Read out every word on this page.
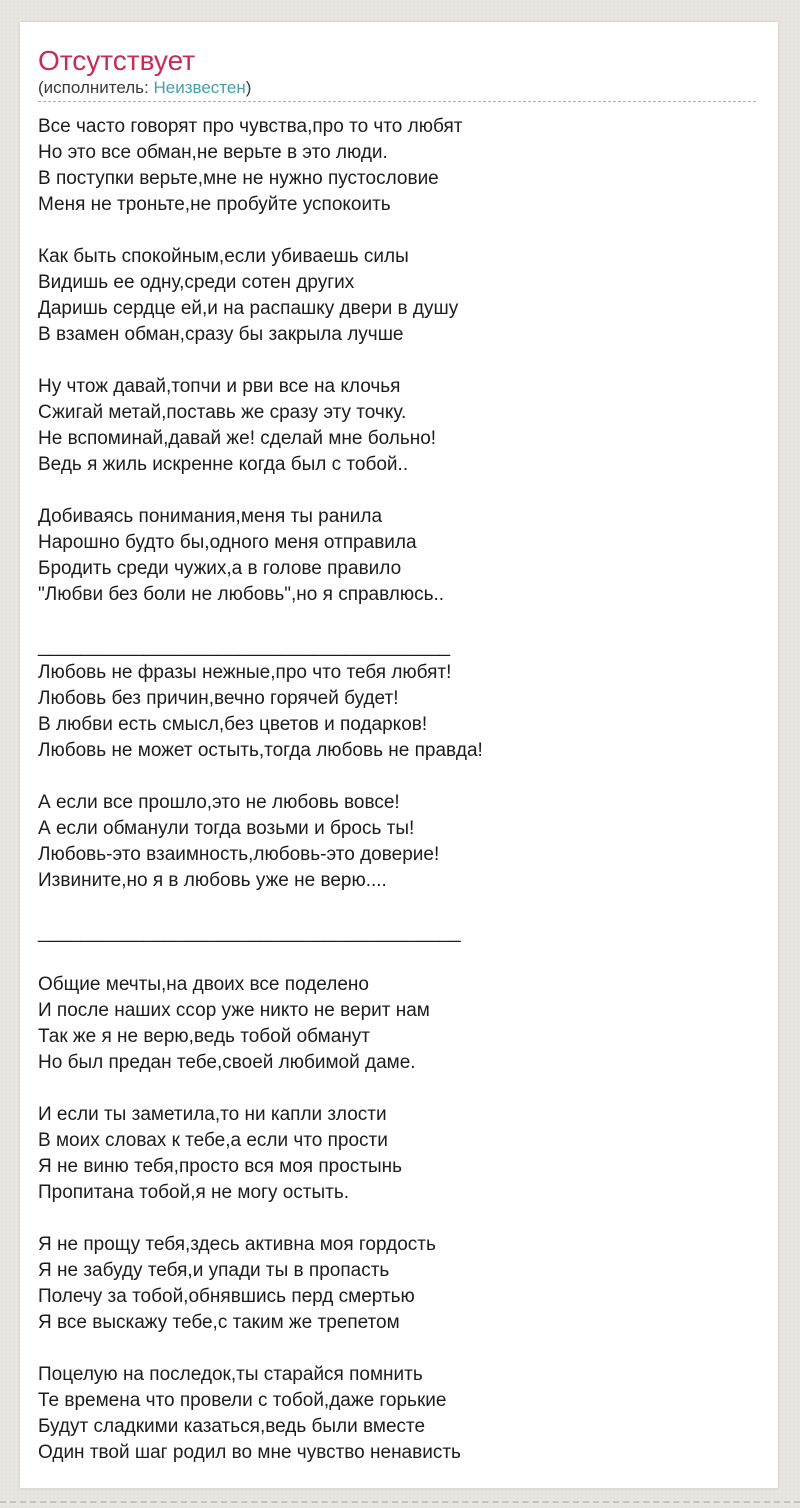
Отсутствует
(исполнитель: Неизвестен)
Все часто говорят про чувства,про то что любят
Но это все обман,не верьте в это люди.
В поступки верьте,мне не нужно пустословие
Меня не троньте,не пробуйте успокоить

Как быть спокойным,если убиваешь силы
Видишь ее одну,среди сотен других
Даришь сердце ей,и на распашку двери в душу
В взамен обман,сразу бы закрыла лучше

Ну чтож давай,топчи и рви все на клочья
Сжигай метай,поставь же сразу эту точку.
Не вспоминай,давай же! сделай мне больно!
Ведь я жиль искренне когда был с тобой..

Добиваясь понимания,меня ты ранила
Нарошно будто бы,одного меня отправила
Бродить среди чужих,а в голове правило
"Любви без боли не любовь",но я справлюсь..

_______________________________________
Любовь не фразы нежные,про что тебя любят!
Любовь без причин,вечно горячей будет!
В любви есть смысл,без цветов и подарков!
Любовь не может остыть,тогда любовь не правда!

А если все прошло,это не любовь вовсе!
А если обманули тогда возьми и брось ты!
Любовь-это взаимность,любовь-это доверие!
Извините,но я в любовь уже не верю....

________________________________________

Общие мечты,на двоих все поделено
И после наших ссор уже никто не верит нам
Так же я не верю,ведь тобой обманут
Но был предан тебе,своей любимой даме.

И если ты заметила,то ни капли злости
В моих словах к тебе,а если что прости
Я не виню тебя,просто вся моя простынь
Пропитана тобой,я не могу остыть.

Я не прощу тебя,здесь активна моя гордость
Я не забуду тебя,и упади ты в пропасть
Полечу за тобой,обнявшись перд смертью
Я все выскажу тебе,с таким же трепетом

Поцелую на последок,ты старайся помнить
Те времена что провели с тобой,даже горькие
Будут сладкими казаться,ведь были вместе
Один твой шаг родил во мне чувство ненависть
